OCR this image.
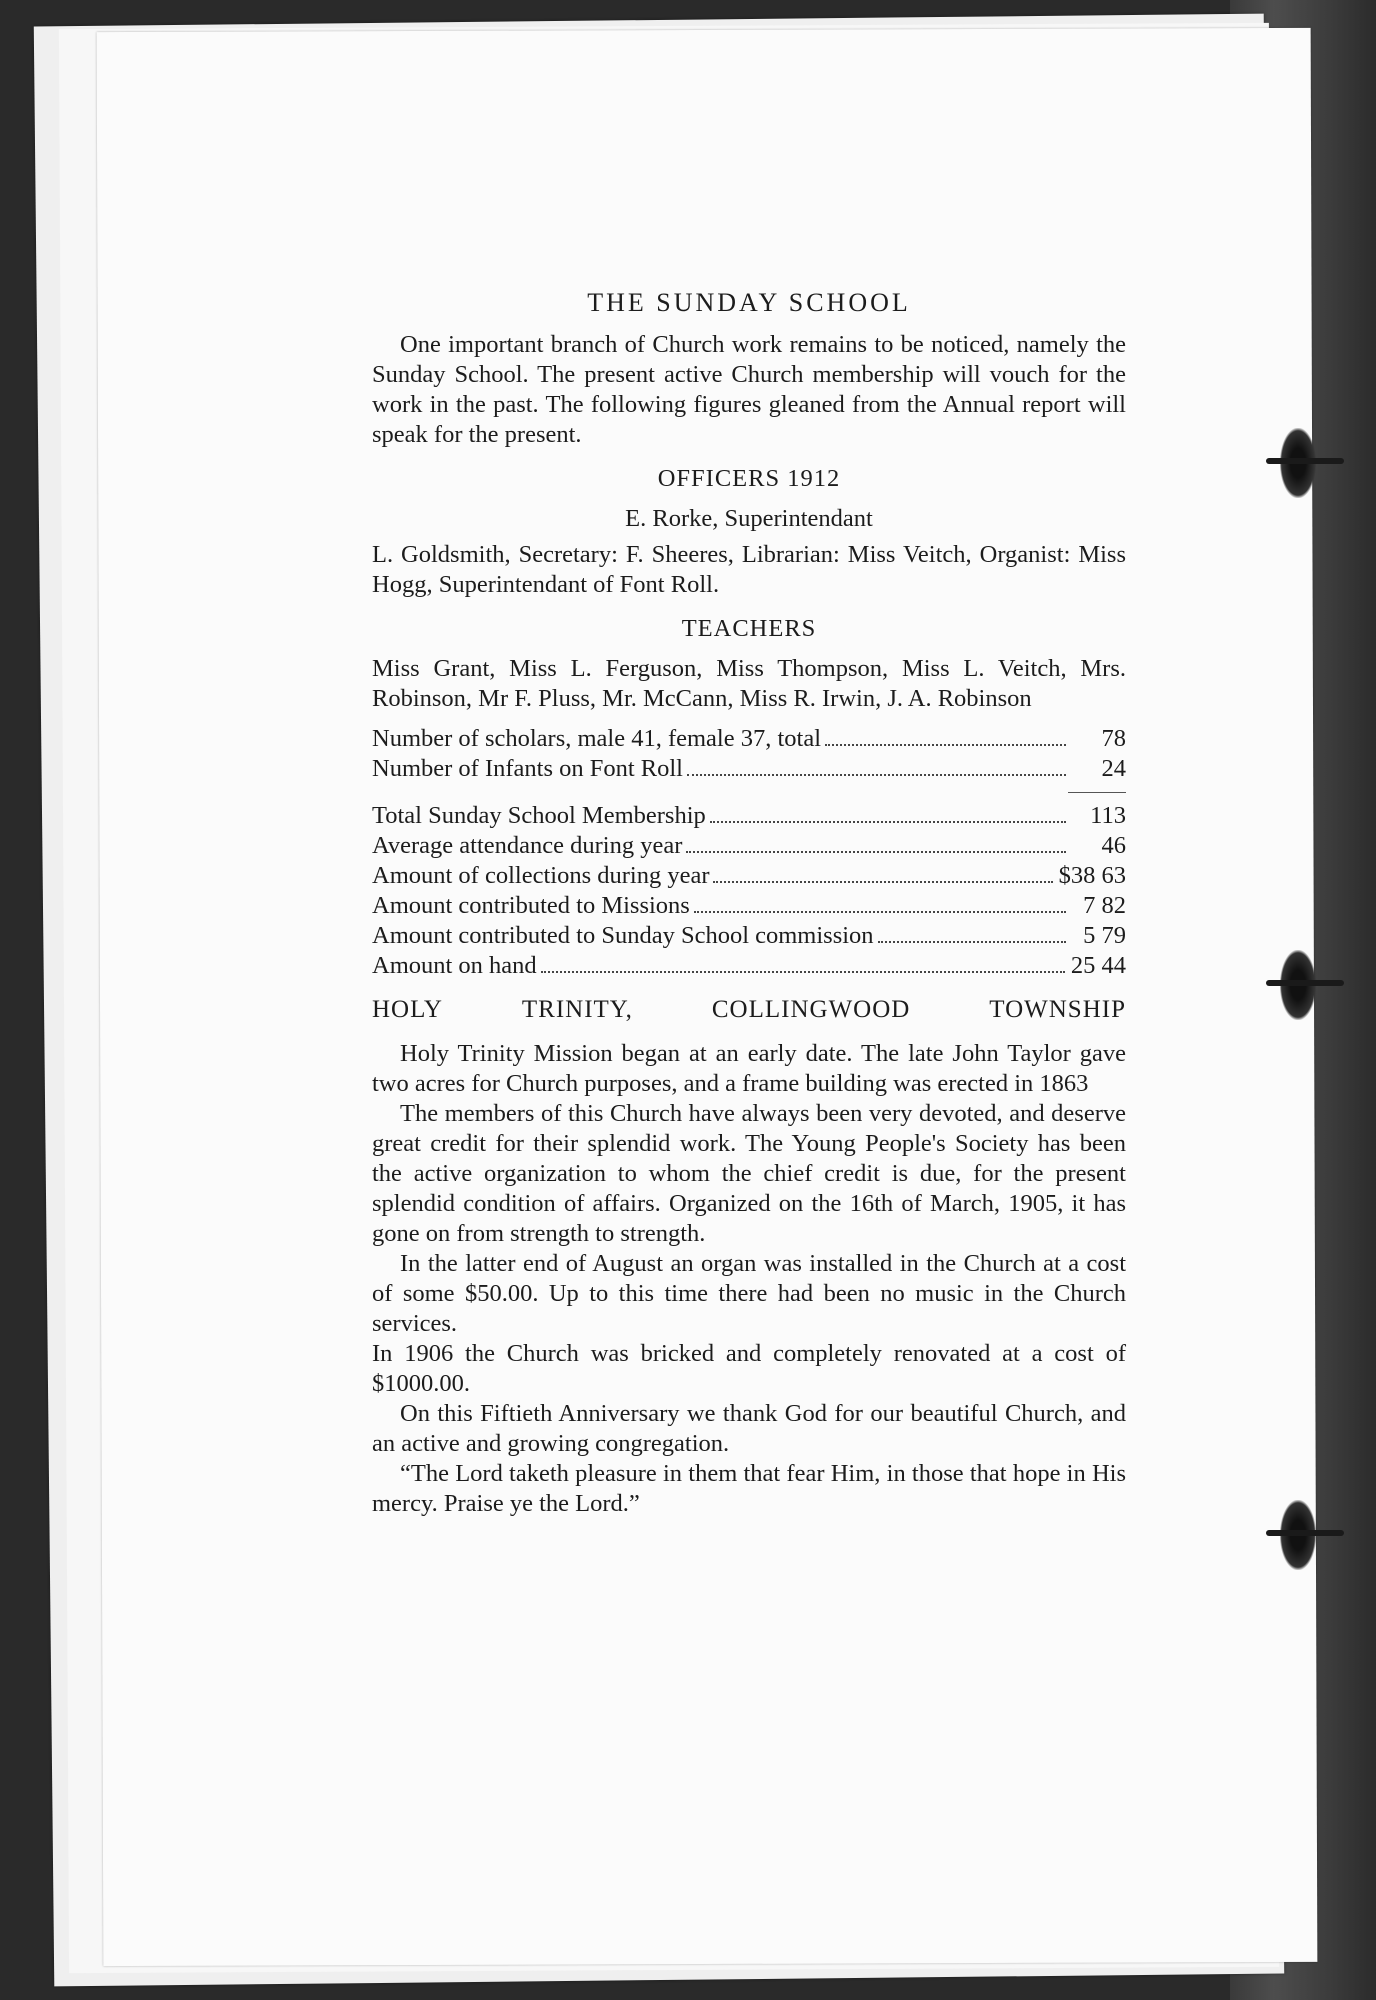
THE SUNDAY SCHOOL

One important branch of Church work remains to be noticed, namely the Sunday School. The present active Church membership will vouch for the work in the past. The following figures gleaned from the Annual report will speak for the present.

OFFICERS 1912
E. Rorke, Superintendant

L. Goldsmith, Secretary: F. Sheeres, Librarian: Miss Veitch, Organist: Miss Hogg, Superintendant of Font Roll.

TEACHERS

Miss Grant, Miss L. Ferguson, Miss Thompson, Miss L. Veitch, Mrs. Robinson, Mr F. Pluss, Mr. McCann, Miss R. Irwin, J. A. Robinson

Number of scholars, male 41, female 37, total	78
Number of Infants on Font Roll	24
Total Sunday School Membership	113
Average attendance during year	46
Amount of collections during year	$38 63
Amount contributed to Missions	7 82
Amount contributed to Sunday School commission	5 79
Amount on hand	25 44
HOLY	TRINITY,	COLLINGWOOD	TOWNSHIP

Holy Trinity Mission began at an early date. The late John Taylor gave two acres for Church purposes, and a frame building was erected in 1863

The members of this Church have always been very devoted, and deserve great credit for their splendid work. The Young People's Society has been the active organization to whom the chief credit is due, for the present splendid condition of affairs. Organized on the 16th of March, 1905, it has gone on from strength to strength.

In the latter end of August an organ was installed in the Church at a cost of some $50.00. Up to this time there had been no music in the Church services.

In 1906 the Church was bricked and completely renovated at a cost of $1000.00.

On this Fiftieth Anniversary we thank God for our beautiful Church, and an active and growing congregation.

“The Lord taketh pleasure in them that fear Him, in those that hope in His mercy. Praise ye the Lord.”
